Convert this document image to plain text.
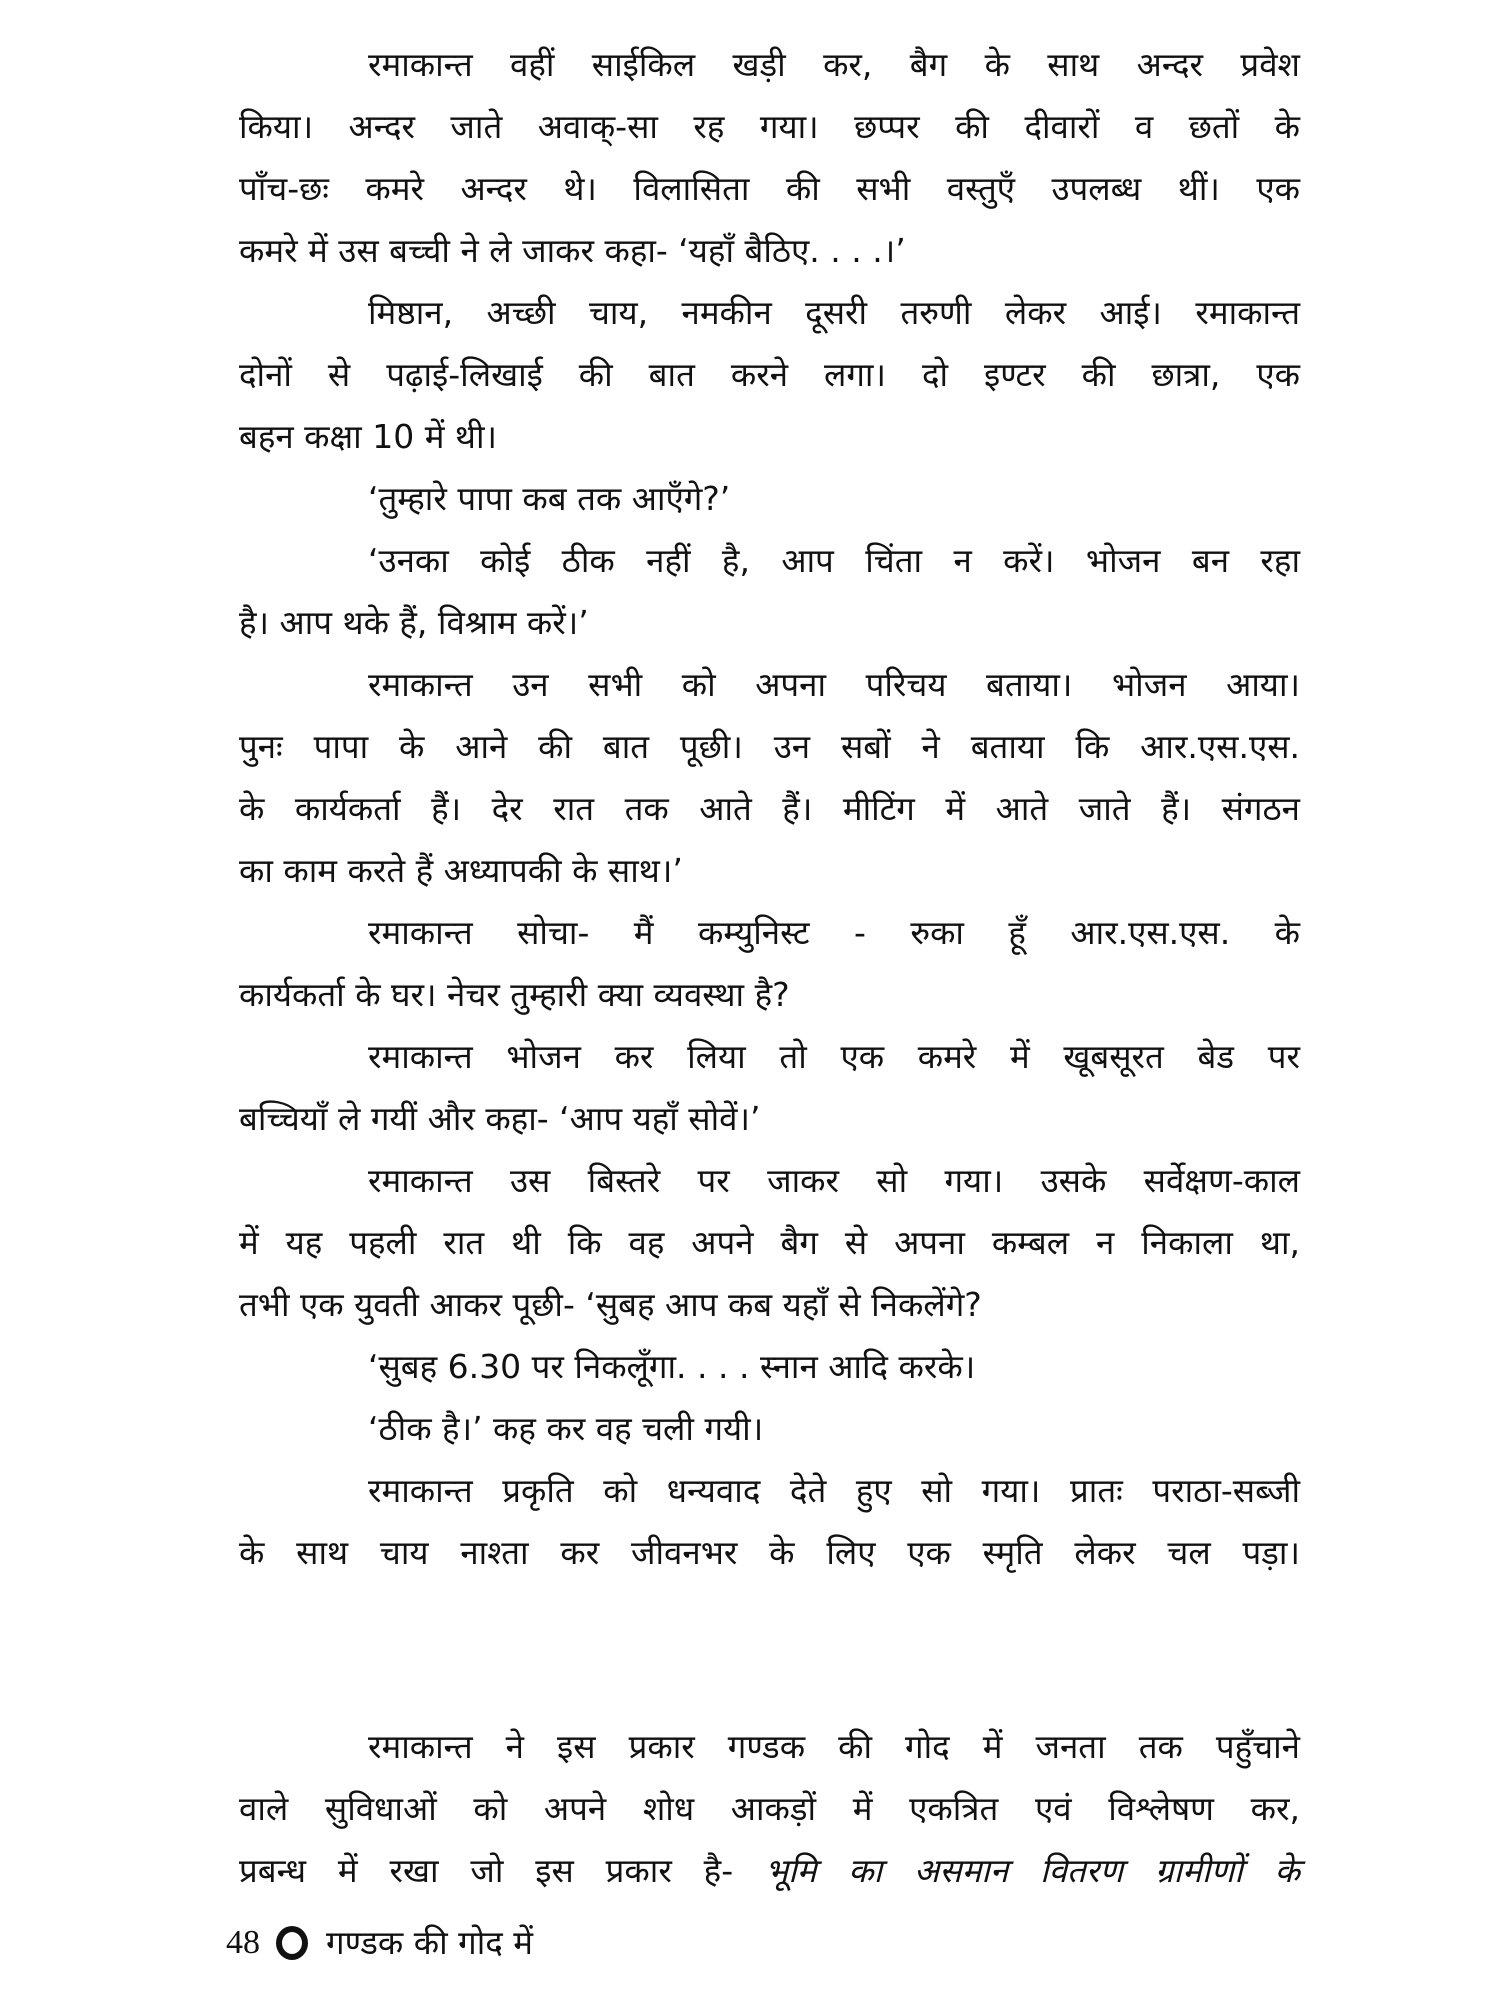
रमाकान्त वहीं साईकिल खड़ी कर, बैग के साथ अन्दर प्रवेश
किया। अन्दर जाते अवाक्-सा रह गया। छप्पर की दीवारों व छतों के
पाँच-छः कमरे अन्दर थे। विलासिता की सभी वस्तुएँ उपलब्ध थीं। एक
कमरे में उस बच्ची ने ले जाकर कहा- ‘यहाँ बैठिए. . . .।’
मिष्ठान, अच्छी चाय, नमकीन दूसरी तरुणी लेकर आई। रमाकान्त
दोनों से पढ़ाई-लिखाई की बात करने लगा। दो इण्टर की छात्रा, एक
बहन कक्षा 10 में थी।
‘तुम्हारे पापा कब तक आएँगे?’
‘उनका कोई ठीक नहीं है, आप चिंता न करें। भोजन बन रहा
है। आप थके हैं, विश्राम करें।’
रमाकान्त उन सभी को अपना परिचय बताया। भोजन आया।
पुनः पापा के आने की बात पूछी। उन सबों ने बताया कि आर.एस.एस.
के कार्यकर्ता हैं। देर रात तक आते हैं। मीटिंग में आते जाते हैं। संगठन
का काम करते हैं अध्यापकी के साथ।’
रमाकान्त सोचा- मैं कम्युनिस्ट - रुका हूँ आर.एस.एस. के
कार्यकर्ता के घर। नेचर तुम्हारी क्या व्यवस्था है?
रमाकान्त भोजन कर लिया तो एक कमरे में खूबसूरत बेड पर
बच्चियाँ ले गयीं और कहा- ‘आप यहाँ सोवें।’
रमाकान्त उस बिस्तरे पर जाकर सो गया। उसके सर्वेक्षण-काल
में यह पहली रात थी कि वह अपने बैग से अपना कम्बल न निकाला था,
तभी एक युवती आकर पूछी- ‘सुबह आप कब यहाँ से निकलेंगे?
‘सुबह 6.30 पर निकलूँगा. . . . स्नान आदि करके।
‘ठीक है।’ कह कर वह चली गयी।
रमाकान्त प्रकृति को धन्यवाद देते हुए सो गया। प्रातः पराठा-सब्जी
के साथ चाय नाश्ता कर जीवनभर के लिए एक स्मृति लेकर चल पड़ा।
रमाकान्त ने इस प्रकार गण्डक की गोद में जनता तक पहुँचाने
वाले सुविधाओं को अपने शोध आकड़ों में एकत्रित एवं विश्लेषण कर,
प्रबन्ध में रखा जो इस प्रकार है- भूमि का असमान वितरण ग्रामीणों के
48 गण्डक की गोद में
